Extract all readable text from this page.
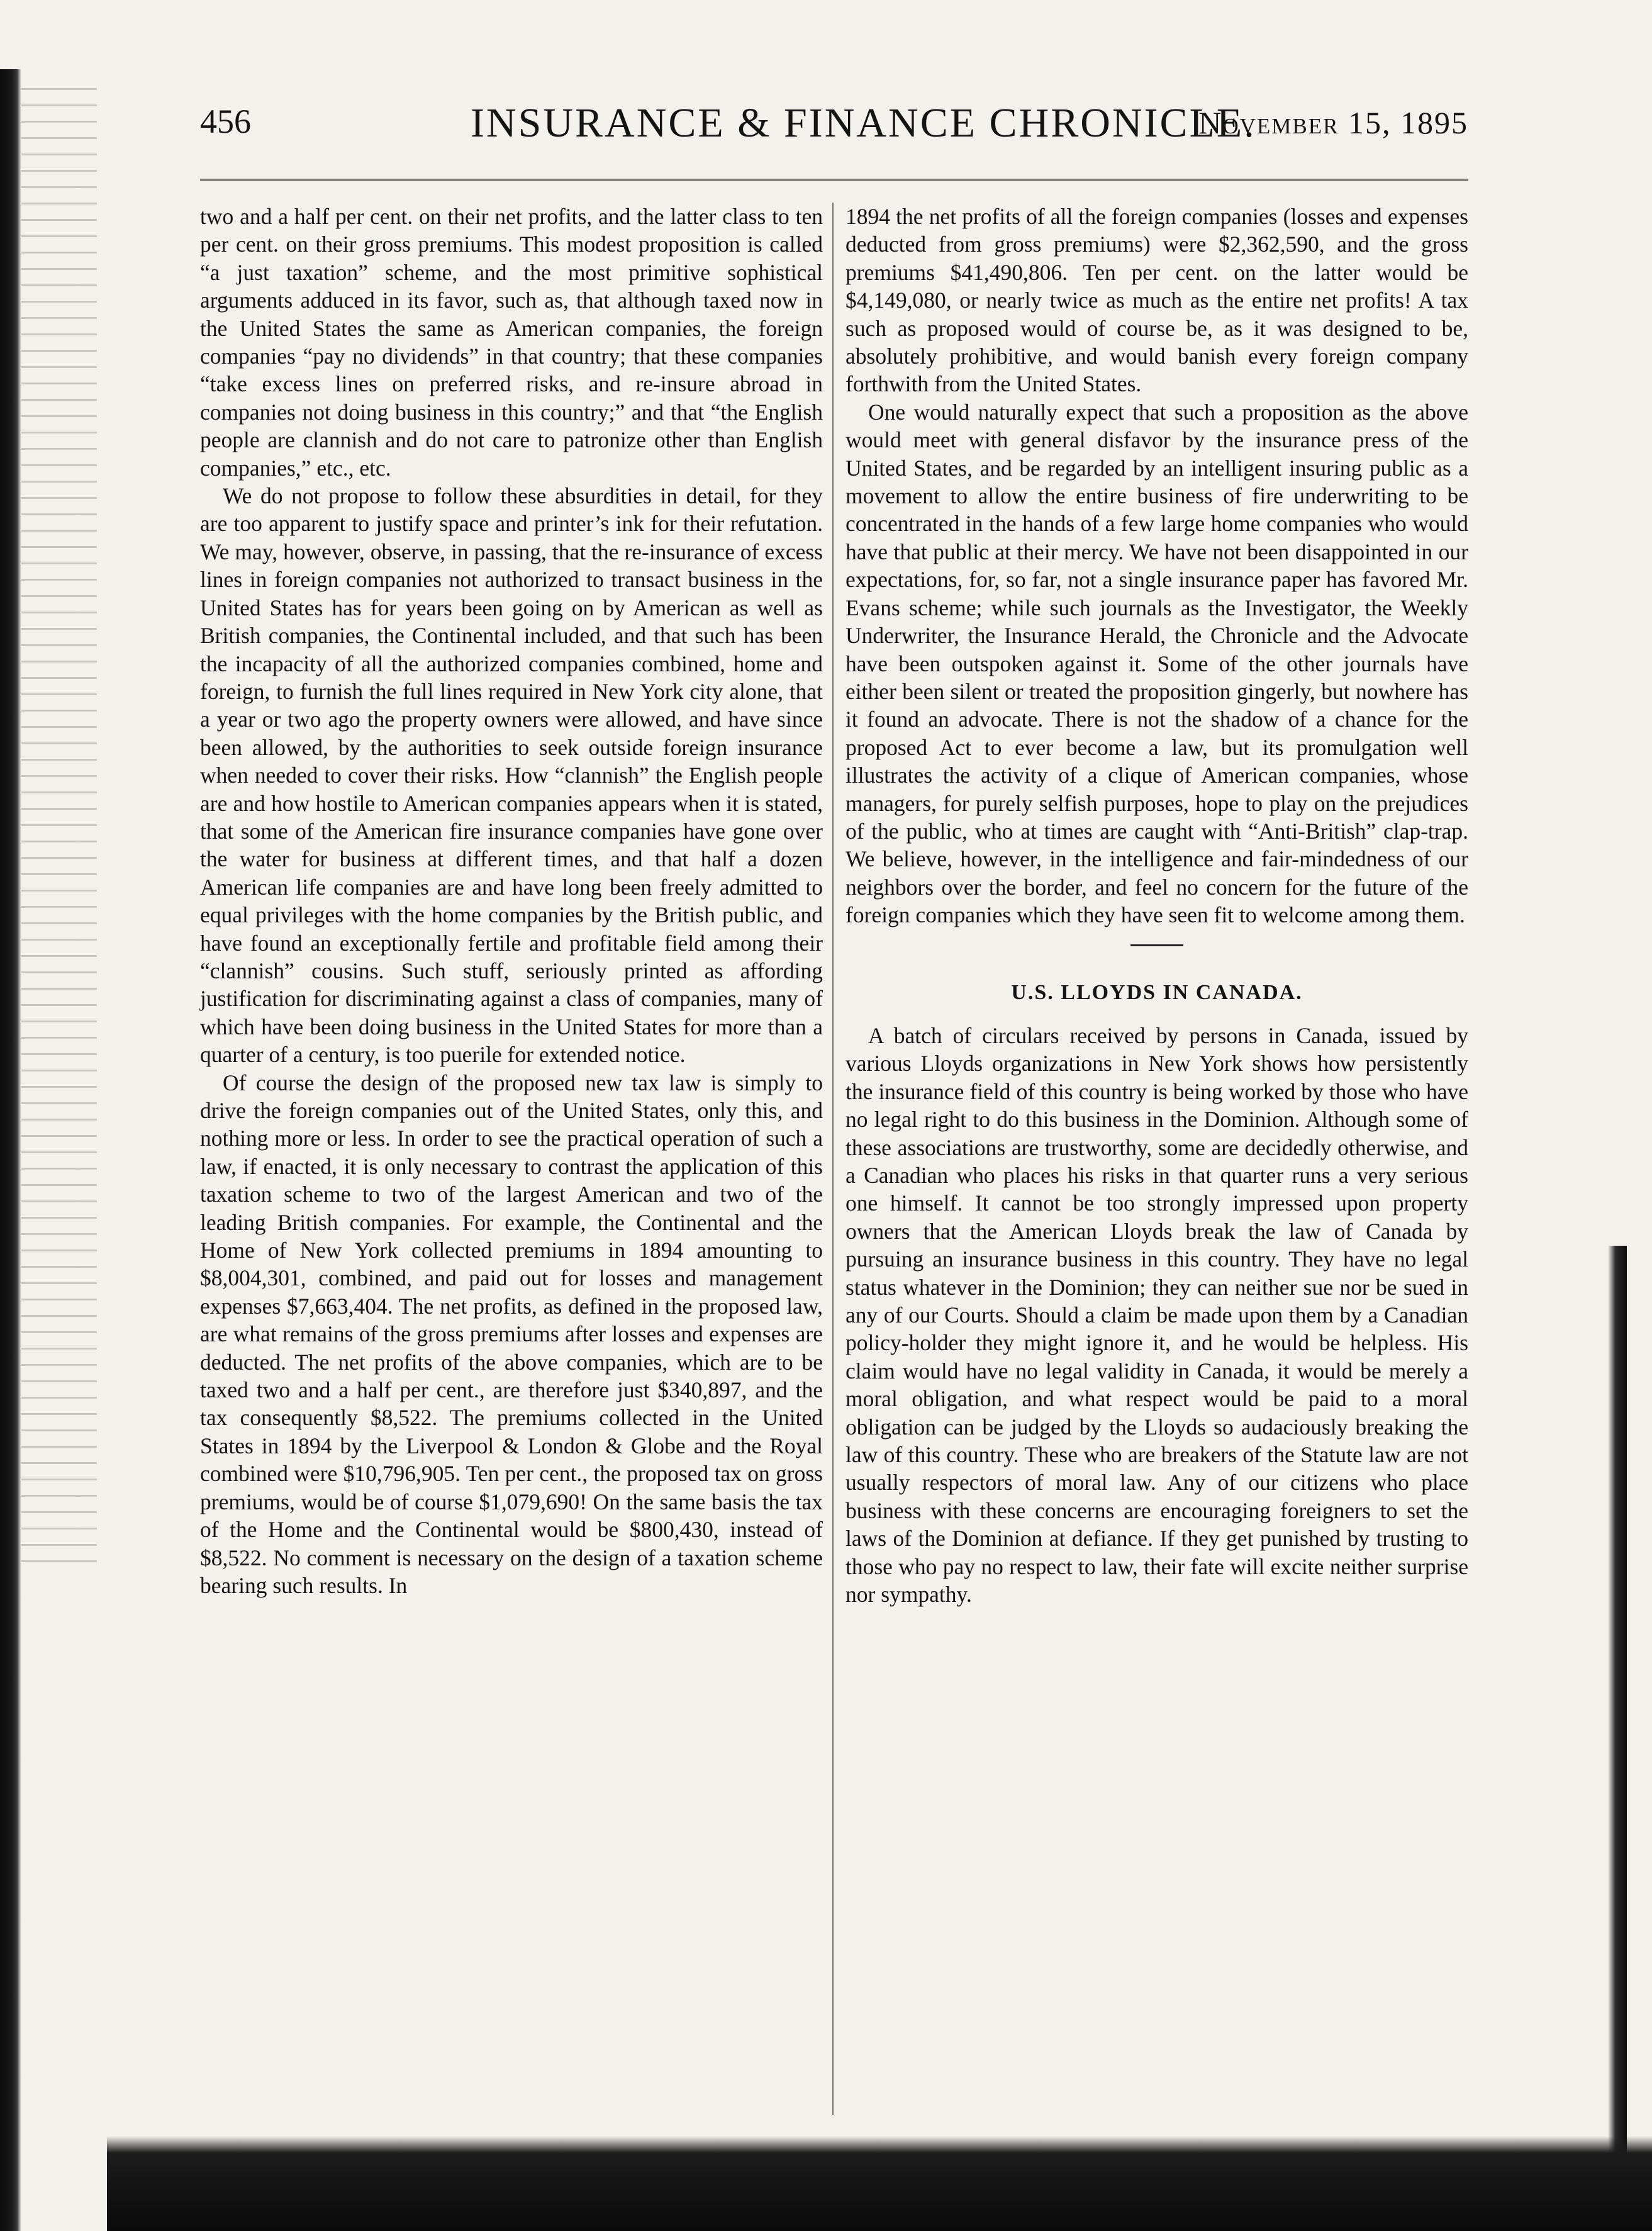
456	INSURANCE & FINANCE CHRONICLE.
November 15, 1895

two and a half per cent. on their net profits, and the latter class to ten per cent. on their gross premiums. This modest proposition is called “a just taxation” scheme, and the most primitive sophistical arguments adduced in its favor, such as, that although taxed now in the United States the same as American companies, the foreign companies “pay no dividends” in that country; that these companies “take excess lines on preferred risks, and re-insure abroad in companies not doing business in this country;” and that “the English people are clannish and do not care to patronize other than English companies,” etc., etc.

We do not propose to follow these absurdities in detail, for they are too apparent to justify space and printer’s ink for their refutation. We may, however, observe, in passing, that the re-insurance of excess lines in foreign companies not authorized to transact business in the United States has for years been going on by American as well as British companies, the Continental included, and that such has been the incapacity of all the authorized companies combined, home and foreign, to furnish the full lines required in New York city alone, that a year or two ago the property owners were allowed, and have since been allowed, by the authorities to seek outside foreign insurance when needed to cover their risks. How “clannish” the English people are and how hostile to American companies appears when it is stated, that some of the American fire insurance companies have gone over the water for business at different times, and that half a dozen American life companies are and have long been freely admitted to equal privileges with the home companies by the British public, and have found an exceptionally fertile and profitable field among their “clannish” cousins. Such stuff, seriously printed as affording justification for discriminating against a class of companies, many of which have been doing business in the United States for more than a quarter of a century, is too puerile for extended notice.

Of course the design of the proposed new tax law is simply to drive the foreign companies out of the United States, only this, and nothing more or less. In order to see the practical operation of such a law, if enacted, it is only necessary to contrast the application of this taxation scheme to two of the largest American and two of the leading British companies. For example, the Continental and the Home of New York collected premiums in 1894 amounting to $8,004,301, combined, and paid out for losses and management expenses $7,663,404. The net profits, as defined in the proposed law, are what remains of the gross premiums after losses and expenses are deducted. The net profits of the above companies, which are to be taxed two and a half per cent., are therefore just $340,897, and the tax consequently $8,522. The premiums collected in the United States in 1894 by the Liverpool & London & Globe and the Royal combined were $10,796,905. Ten per cent., the proposed tax on gross premiums, would be of course $1,079,690! On the same basis the tax of the Home and the Continental would be $800,430, instead of $8,522. No comment is necessary on the design of a taxation scheme bearing such results. In

1894 the net profits of all the foreign companies (losses and expenses deducted from gross premiums) were $2,362,590, and the gross premiums $41,490,806. Ten per cent. on the latter would be $4,149,080, or nearly twice as much as the entire net profits! A tax such as proposed would of course be, as it was designed to be, absolutely prohibitive, and would banish every foreign company forthwith from the United States.

One would naturally expect that such a proposition as the above would meet with general disfavor by the insurance press of the United States, and be regarded by an intelligent insuring public as a movement to allow the entire business of fire underwriting to be concentrated in the hands of a few large home companies who would have that public at their mercy. We have not been disappointed in our expectations, for, so far, not a single insurance paper has favored Mr. Evans scheme; while such journals as the Investigator, the Weekly Underwriter, the Insurance Herald, the Chronicle and the Advocate have been outspoken against it. Some of the other journals have either been silent or treated the proposition gingerly, but nowhere has it found an advocate. There is not the shadow of a chance for the proposed Act to ever become a law, but its promulgation well illustrates the activity of a clique of American companies, whose managers, for purely selfish purposes, hope to play on the prejudices of the public, who at times are caught with “Anti-British” clap-trap. We believe, however, in the intelligence and fair-mindedness of our neighbors over the border, and feel no concern for the future of the foreign companies which they have seen fit to welcome among them.

U.S. LLOYDS IN CANADA.

A batch of circulars received by persons in Canada, issued by various Lloyds organizations in New York shows how persistently the insurance field of this country is being worked by those who have no legal right to do this business in the Dominion. Although some of these associations are trustworthy, some are decidedly otherwise, and a Canadian who places his risks in that quarter runs a very serious one himself. It cannot be too strongly impressed upon property owners that the American Lloyds break the law of Canada by pursuing an insurance business in this country. They have no legal status whatever in the Dominion; they can neither sue nor be sued in any of our Courts. Should a claim be made upon them by a Canadian policy-holder they might ignore it, and he would be helpless. His claim would have no legal validity in Canada, it would be merely a moral obligation, and what respect would be paid to a moral obligation can be judged by the Lloyds so audaciously breaking the law of this country. These who are breakers of the Statute law are not usually respectors of moral law. Any of our citizens who place business with these concerns are encouraging foreigners to set the laws of the Dominion at defiance. If they get punished by trusting to those who pay no respect to law, their fate will excite neither surprise nor sympathy.
